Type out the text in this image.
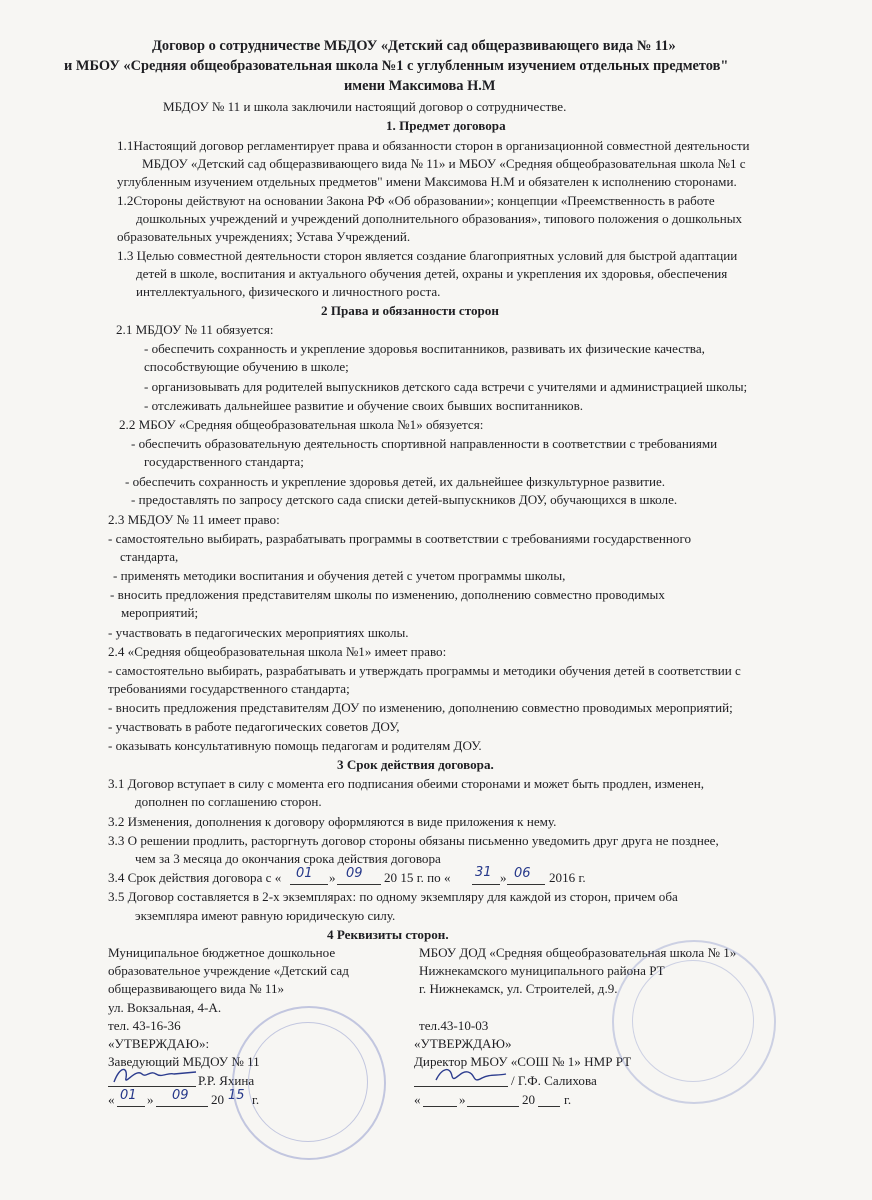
Договор о сотрудничестве МБДОУ «Детский сад общеразвивающего вида № 11»
и МБОУ «Средняя общеобразовательная школа №1 с углубленным изучением отдельных предметов"
имени Максимова Н.М
МБДОУ № 11 и школа заключили настоящий договор о сотрудничестве.
1. Предмет договора
1.1Настоящий договор регламентирует права и обязанности сторон в организационной совместной деятельности
МБДОУ «Детский сад общеразвивающего вида № 11» и МБОУ «Средняя общеобразовательная школа №1 с
углубленным изучением отдельных предметов" имени Максимова Н.М и обязателен к исполнению сторонами.
1.2Стороны действуют на основании Закона РФ «Об образовании»; концепции «Преемственность в работе
дошкольных учреждений и учреждений дополнительного образования», типового положения о дошкольных
образовательных учреждениях; Устава Учреждений.
1.3 Целью совместной деятельности сторон является создание благоприятных условий для быстрой адаптации
детей в школе, воспитания и актуального обучения детей, охраны и укрепления их здоровья, обеспечения
интеллектуального, физического и личностного роста.
2 Права и обязанности сторон
2.1 МБДОУ № 11 обязуется:
- обеспечить сохранность и укрепление здоровья воспитанников, развивать их физические качества,
способствующие обучению в школе;
- организовывать для родителей выпускников детского сада встречи с учителями и администрацией школы;
- отслеживать дальнейшее развитие и обучение своих бывших воспитанников.
2.2 МБОУ «Средняя общеобразовательная школа №1» обязуется:
- обеспечить образовательную деятельность спортивной направленности в соответствии с требованиями
государственного стандарта;
- обеспечить сохранность и укрепление здоровья детей, их дальнейшее физкультурное развитие.
- предоставлять по запросу детского сада списки детей-выпускников ДОУ, обучающихся в школе.
2.3 МБДОУ № 11 имеет право:
- самостоятельно выбирать, разрабатывать программы в соответствии с требованиями государственного
стандарта,
- применять методики воспитания и обучения детей с учетом программы школы,
- вносить предложения представителям школы по изменению, дополнению совместно проводимых
мероприятий;
- участвовать в педагогических мероприятиях школы.
2.4 «Средняя общеобразовательная школа №1» имеет право:
- самостоятельно выбирать, разрабатывать и утверждать программы и методики обучения детей в соответствии с
требованиями государственного стандарта;
- вносить предложения представителям ДОУ по изменению, дополнению совместно проводимых мероприятий;
- участвовать в работе педагогических советов ДОУ,
- оказывать консультативную помощь педагогам и родителям ДОУ.
3 Срок действия договора.
3.1 Договор вступает в силу с момента его подписания обеими сторонами и может быть продлен, изменен,
дополнен по соглашению сторон.
3.2 Изменения, дополнения к договору оформляются в виде приложения к нему.
3.3 О решении продлить, расторгнуть договор стороны обязаны письменно уведомить друг друга не позднее,
чем за 3 месяца до окончания срока действия договора
3.4 Срок действия договора с « 01 » 09 20 15 г. по « 31 » 06 2016 г.
3.5 Договор составляется в 2-х экземплярах: по одному экземпляру для каждой из сторон, причем оба
экземпляра имеют равную юридическую силу.
4 Реквизиты сторон.
Муниципальное бюджетное дошкольное
образовательное учреждение «Детский сад
общеразвивающего вида № 11»
ул. Вокзальная, 4-А.
тел. 43-16-36
«УТВЕРЖДАЮ»:
Заведующий МБДОУ № 11
Р.Р. Яхина
« 01 » 09 20 15 г.
МБОУ ДОД «Средняя общеобразовательная школа № 1»
Нижнекамского муниципального района РТ
г. Нижнекамск, ул. Строителей, д.9.
тел.43-10-03
«УТВЕРЖДАЮ»
Директор МБОУ «СОШ № 1» НМР РТ
/ Г.Ф. Салихова
«	»	20 г.
